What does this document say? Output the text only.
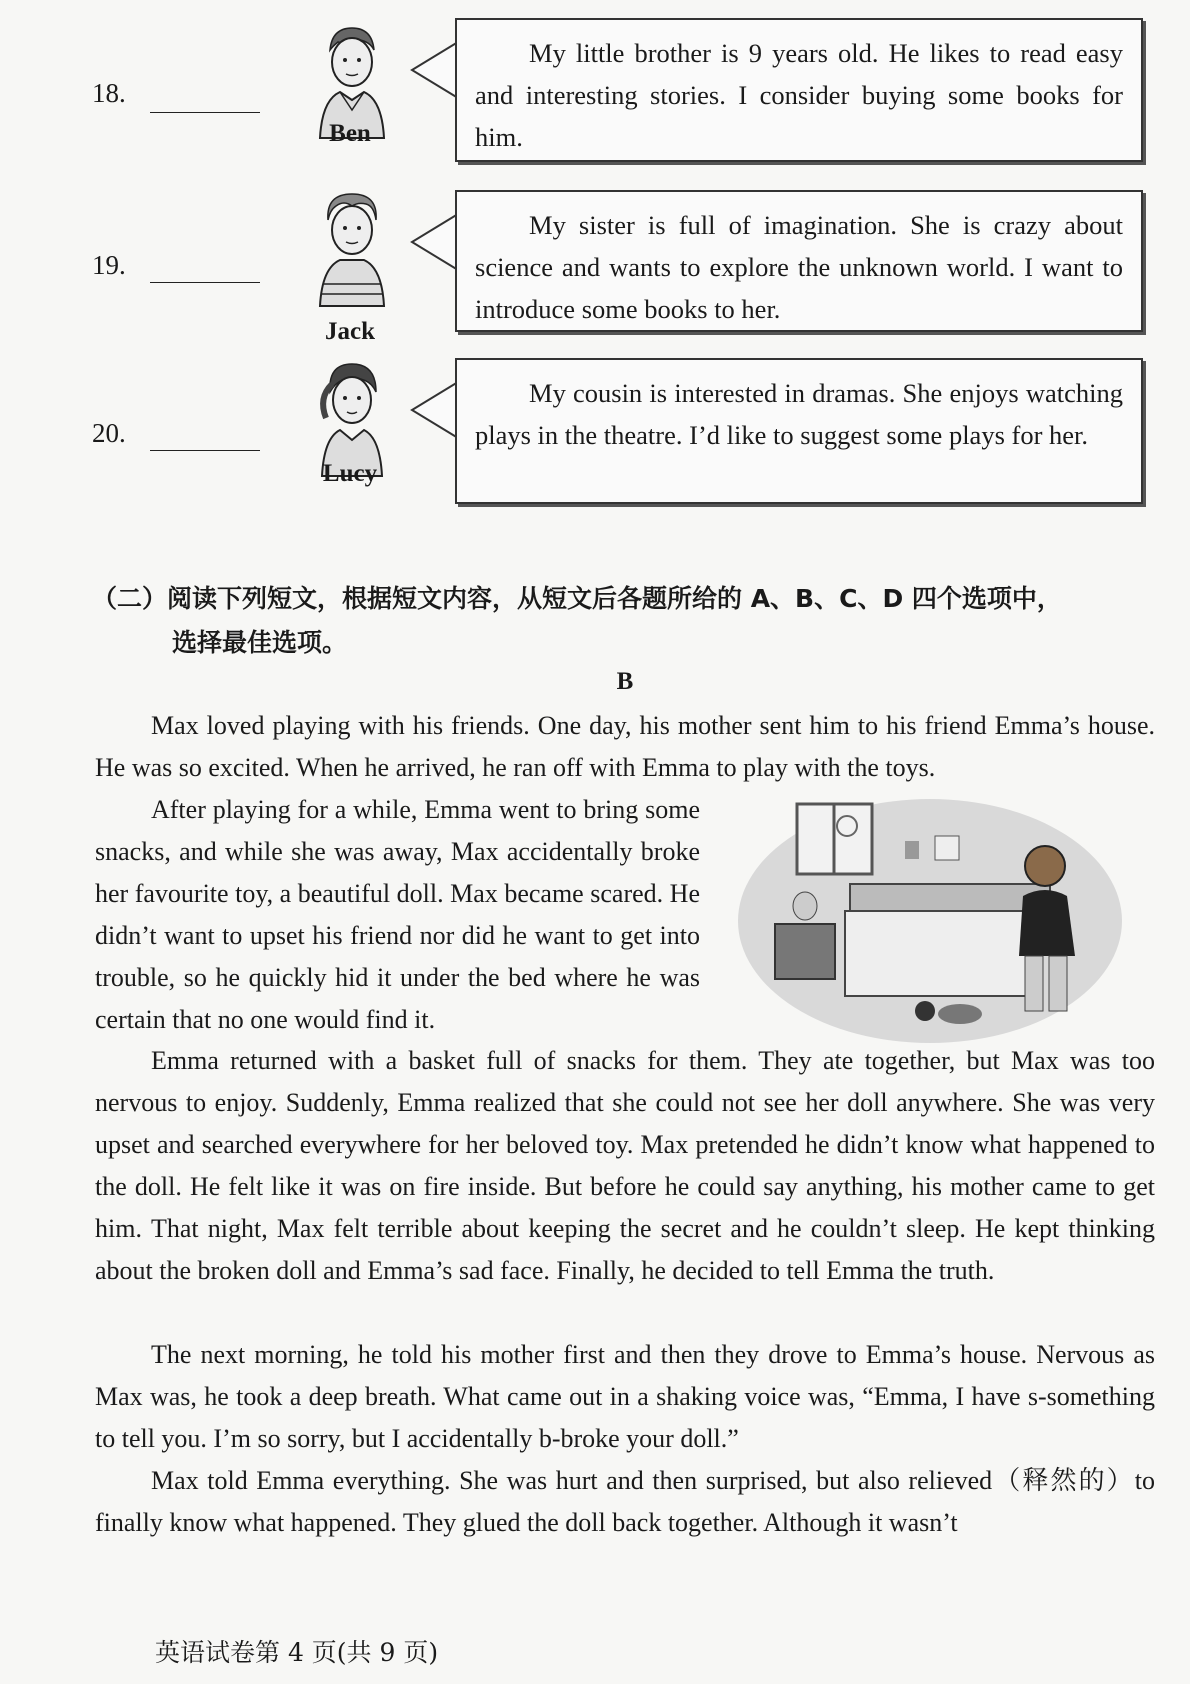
18.
Ben
My little brother is 9 years old. He likes to read easy and interesting stories. I consider buying some books for him.
19.
Jack
My sister is full of imagination. She is crazy about science and wants to explore the unknown world. I want to introduce some books to her.
20.
Lucy
My cousin is interested in dramas. She enjoys watching plays in the theatre. I’d like to suggest some plays for her.
（二）阅读下列短文，根据短文内容，从短文后各题所给的 A、B、C、D 四个选项中，
选择最佳选项。
B

Max loved playing with his friends. One day, his mother sent him to his friend Emma’s house. He was so excited. When he arrived, he ran off with Emma to play with the toys.

After playing for a while, Emma went to bring some snacks, and while she was away, Max accidentally broke her favourite toy, a beautiful doll. Max became scared. He didn’t want to upset his friend nor did he want to get into trouble, so he quickly hid it under the bed where he was certain that no one would find it.

Emma returned with a basket full of snacks for them. They ate together, but Max was too nervous to enjoy. Suddenly, Emma realized that she could not see her doll anywhere. She was very upset and searched everywhere for her beloved toy. Max pretended he didn’t know what happened to the doll. He felt like it was on fire inside. But before he could say anything, his mother came to get him. That night, Max felt terrible about keeping the secret and he couldn’t sleep. He kept thinking about the broken doll and Emma’s sad face. Finally, he decided to tell Emma the truth.

The next morning, he told his mother first and then they drove to Emma’s house. Nervous as Max was, he took a deep breath. What came out in a shaking voice was, “Emma, I have s-something to tell you. I’m so sorry, but I accidentally b-broke your doll.”

Max told Emma everything. She was hurt and then surprised, but also relieved（释然的）to finally know what happened. They glued the doll back together. Although it wasn’t

英语试卷第 4 页(共 9 页)
